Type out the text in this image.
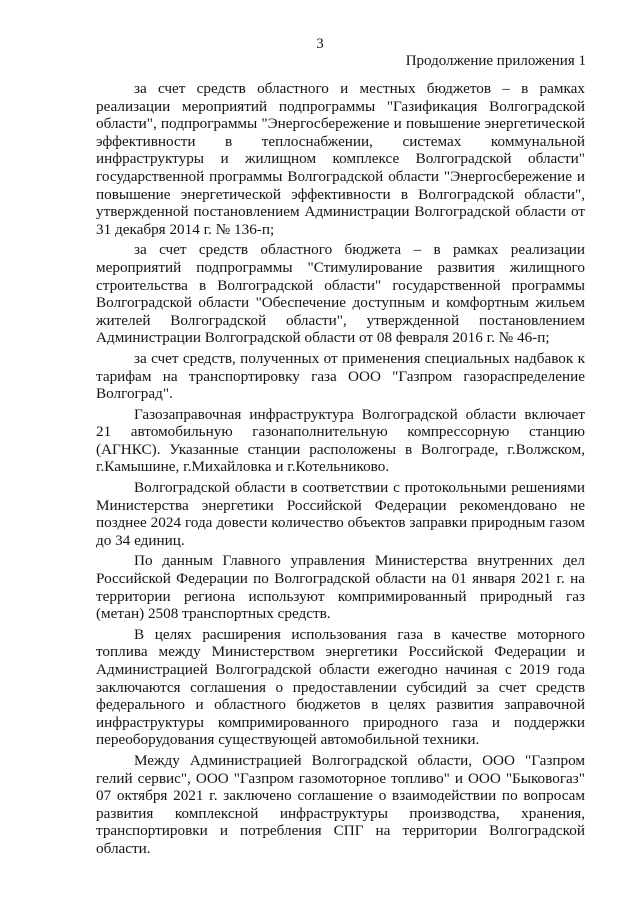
3
Продолжение приложения 1

за счет средств областного и местных бюджетов – в рамках реализации мероприятий подпрограммы "Газификация Волгоградской области", подпрограммы "Энергосбережение и повышение энергетической эффективности в теплоснабжении, системах коммунальной инфраструктуры и жилищном комплексе Волгоградской области" государственной программы Волгоградской области "Энергосбережение и повышение энергетической эффективности в Волгоградской области", утвержденной постановлением Администрации Волгоградской области от 31 декабря 2014 г. № 136-п;

за счет средств областного бюджета – в рамках реализации мероприятий подпрограммы "Стимулирование развития жилищного строительства в Волгоградской области" государственной программы Волгоградской области "Обеспечение доступным и комфортным жильем жителей Волгоградской области", утвержденной постановлением Администрации Волгоградской области от 08 февраля 2016 г. № 46-п;

за счет средств, полученных от применения специальных надбавок к тарифам на транспортировку газа ООО "Газпром газораспределение Волгоград".

Газозаправочная инфраструктура Волгоградской области включает 21 автомобильную газонаполнительную компрессорную станцию (АГНКС). Указанные станции расположены в Волгограде, г.Волжском, г.Камышине, г.Михайловка и г.Котельниково.

Волгоградской области в соответствии с протокольными решениями Министерства энергетики Российской Федерации рекомендовано не позднее 2024 года довести количество объектов заправки природным газом до 34 единиц.

По данным Главного управления Министерства внутренних дел Российской Федерации по Волгоградской области на 01 января 2021 г. на территории региона используют компримированный природный газ (метан) 2508 транспортных средств.

В целях расширения использования газа в качестве моторного топлива между Министерством энергетики Российской Федерации и Администрацией Волгоградской области ежегодно начиная с 2019 года заключаются соглашения о предоставлении субсидий за счет средств федерального и областного бюджетов в целях развития заправочной инфраструктуры компримированного природного газа и поддержки переоборудования существующей автомобильной техники.

Между Администрацией Волгоградской области, ООО "Газпром гелий сервис", ООО "Газпром газомоторное топливо" и ООО "Быковогаз" 07 октября 2021 г. заключено соглашение о взаимодействии по вопросам развития комплексной инфраструктуры производства, хранения, транспортировки и потребления СПГ на территории Волгоградской области.
